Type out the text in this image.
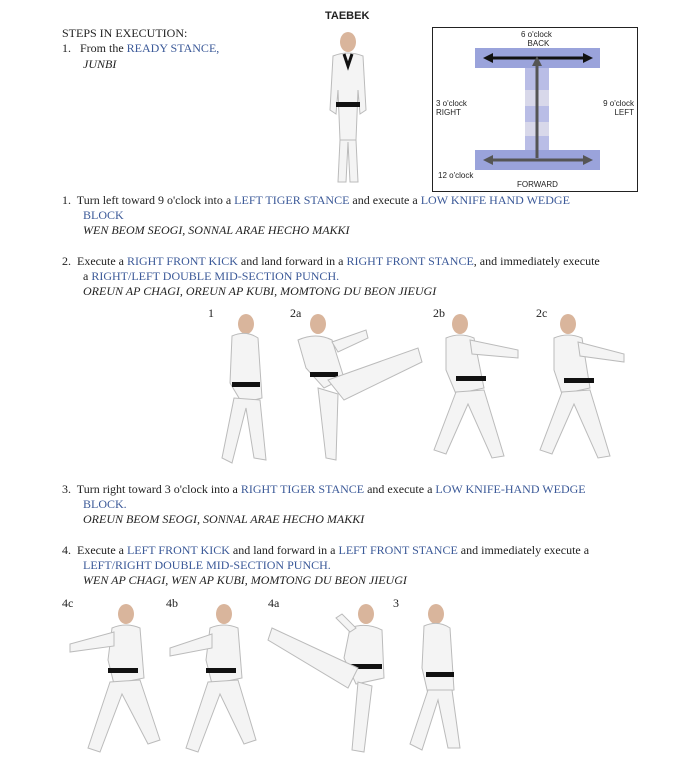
TAEBEK
STEPS IN EXECUTION:
1. From the READY STANCE,
JUNBI
6 o'clock
BACK
3 o'clock
RIGHT
9 o'clock
LEFT
12 o'clock
FORWARD
1. Turn left toward 9 o'clock into a LEFT TIGER STANCE and execute a LOW KNIFE HAND WEDGE
BLOCK
WEN BEOM SEOGI, SONNAL ARAE HECHO MAKKI
2. Execute a RIGHT FRONT KICK and land forward in a RIGHT FRONT STANCE, and immediately execute
a RIGHT/LEFT DOUBLE MID-SECTION PUNCH.
OREUN AP CHAGI, OREUN AP KUBI, MOMTONG DU BEON JIEUGI
1	2a	2b	2c
3. Turn right toward 3 o'clock into a RIGHT TIGER STANCE and execute a LOW KNIFE-HAND WEDGE
BLOCK.
OREUN BEOM SEOGI, SONNAL ARAE HECHO MAKKI
4. Execute a LEFT FRONT KICK and land forward in a LEFT FRONT STANCE and immediately execute a
LEFT/RIGHT DOUBLE MID-SECTION PUNCH.
WEN AP CHAGI, WEN AP KUBI, MOMTONG DU BEON JIEUGI
4c	4b	4a	3
